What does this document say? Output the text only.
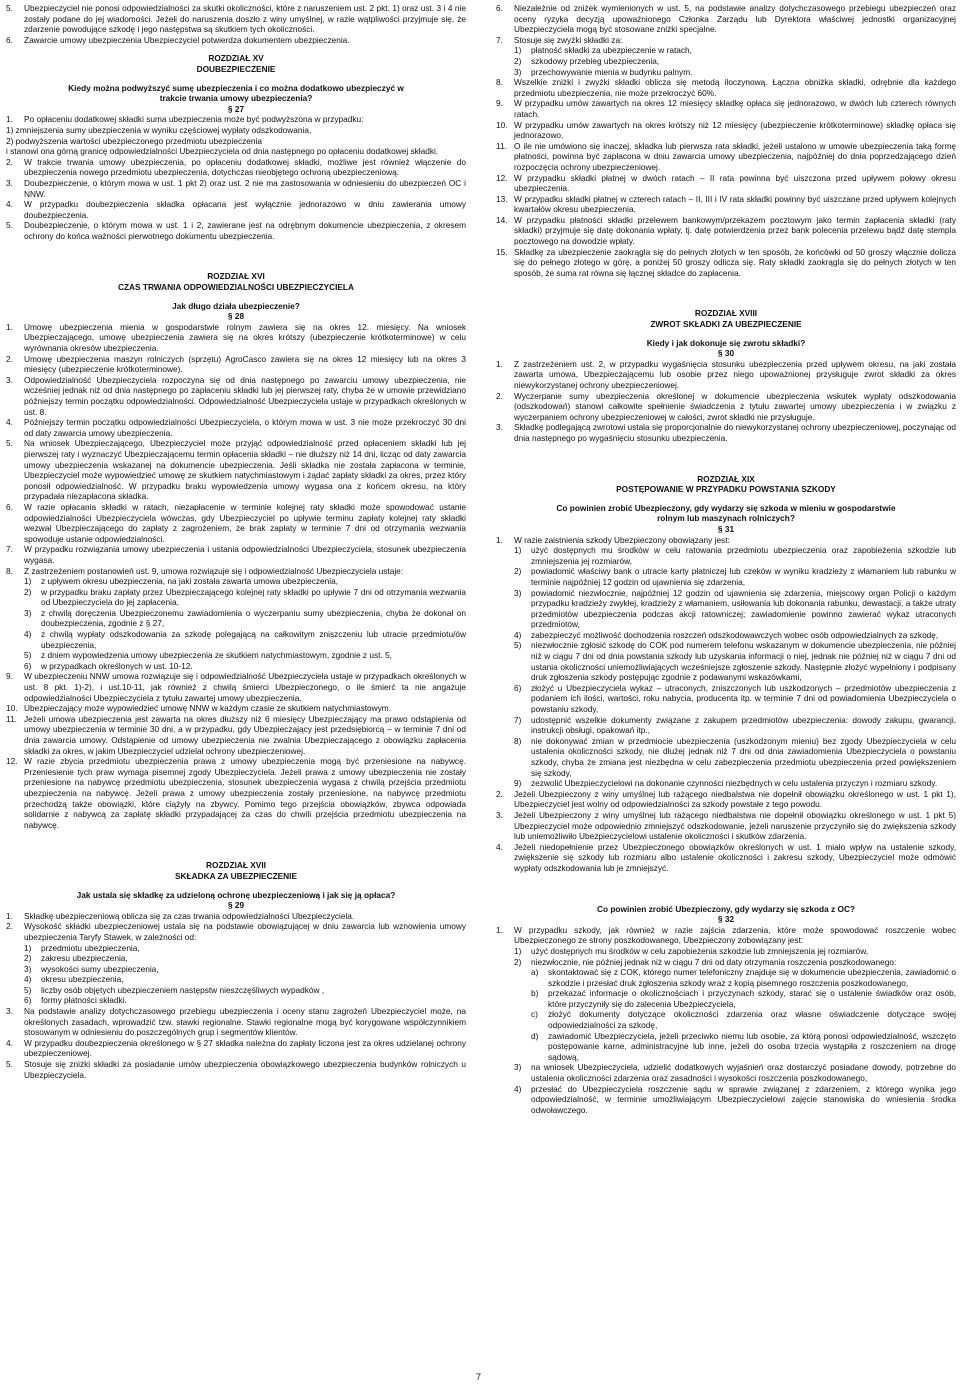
5.	Ubezpieczyciel nie ponosi odpowiedzialności za skutki okoliczności, które z naruszeniem ust. 2 pkt. 1) oraz ust. 3 i 4 nie zostały podane do jej wiadomości. Jeżeli do naruszenia doszło z winy umyślnej, w razie wątpliwości przyjmuje się, że zdarzenie powodujące szkodę i jego następstwa są skutkiem tych okoliczności.
6.	Zawarcie umowy ubezpieczenia Ubezpieczyciel potwierdza dokumentem ubezpieczenia.

ROZDZIAŁ XV

DOUBEZPIECZENIE

Kiedy można podwyższyć sumę ubezpieczenia i co można dodatkowo ubezpieczyć w trakcie trwania umowy ubezpieczenia?

§ 27

1.	Po opłaceniu dodatkowej składki suma ubezpieczenia może być podwyższona w przypadku:

1) zmniejszenia sumy ubezpieczenia w wyniku częściowej wypłaty odszkodowania,

2) podwyższenia wartości ubezpieczonego przedmiotu ubezpieczenia

i stanowi ona górną granicę odpowiedzialności Ubezpieczyciela od dnia następnego po opłaceniu dodatkowej składki.

2.	W trakcie trwania umowy ubezpieczenia, po opłaceniu dodatkowej składki, możliwe jest również włączenie do ubezpieczenia nowego przedmiotu ubezpieczenia, dotychczas nieobjętego ochroną ubezpieczeniową.
3.	Doubezpieczenie, o którym mowa w ust. 1 pkt 2) oraz ust. 2 nie ma zastosowania w odniesieniu do ubezpieczeń OC i NNW.
4.	W przypadku doubezpieczenia składka opłacana jest wyłącznie jednorazowo w dniu zawierania umowy doubezpieczenia.
5.	Doubezpieczenie, o którym mowa w ust. 1 i 2, zawierane jest na odrębnym dokumencie ubezpieczenia, z okresem ochrony do końca ważności pierwotnego dokumentu ubezpieczenia.

ROZDZIAŁ XVI

CZAS TRWANIA ODPOWIEDZIALNOŚCI UBEZPIECZYCIELA

Jak długo działa ubezpieczenie?

§ 28

1.	Umowę ubezpieczenia mienia w gospodarstwie rolnym zawiera się na okres 12. miesięcy. Na wniosek Ubezpieczającego, umowę ubezpieczenia zawiera się na okres krótszy (ubezpieczenie krótkoterminowe) w celu wyrównania okresów ubezpieczenia.
2.	Umowę ubezpieczenia maszyn rolniczych (sprzętu) AgroCasco zawiera się na okres 12 miesięcy lub na okres 3 miesięcy (ubezpieczenie krótkoterminowe).
3.	Odpowiedzialność Ubezpieczyciela rozpoczyna się od dnia następnego po zawarciu umowy ubezpieczenia, nie wcześniej jednak niż od dnia następnego po zapłaceniu składki lub jej pierwszej raty, chyba że w umowie przewidziano późniejszy termin początku odpowiedzialności. Odpowiedzialność Ubezpieczyciela ustaje w przypadkach określonych w ust. 8.
4.	Późniejszy termin początku odpowiedzialności Ubezpieczyciela, o którym mowa w ust. 3 nie może przekroczyć 30 dni od daty zawarcia umowy ubezpieczenia.
5.	Na wniosek Ubezpieczającego, Ubezpieczyciel może przyjąć odpowiedzialność przed opłaceniem składki lub jej pierwszej raty i wyznaczyć Ubezpieczającemu termin opłacenia składki – nie dłuższy niż 14 dni, licząc od daty zawarcia umowy ubezpieczenia wskazanej na dokumencie ubezpieczenia. Jeśli składka nie została zapłacona w terminie, Ubezpieczyciel może wypowiedzieć umowę ze skutkiem natychmiastowym i żądać zapłaty składki za okres, przez który ponosił odpowiedzialność. W przypadku braku wypowiedzenia umowy wygasa ona z końcem okresu, na który przypadała niezapłacona składka.
6.	W razie opłacania składki w ratach, niezapłacenie w terminie kolejnej raty składki może spowodować ustanie odpowiedzialności Ubezpieczyciela wówczas, gdy Ubezpieczyciel po upływie terminu zapłaty kolejnej raty składki wezwał Ubezpieczającego do zapłaty z zagrożeniem, że brak zapłaty w terminie 7 dni od otrzymania wezwania spowoduje ustanie odpowiedzialności.
7.	W przypadku rozwiązania umowy ubezpieczenia i ustania odpowiedzialności Ubezpieczyciela, stosunek ubezpieczenia wygasa.
8.	Z zastrzeżeniem postanowień ust. 9, umowa rozwiązuje się i odpowiedzialność Ubezpieczyciela ustaje:
1)	z upływem okresu ubezpieczenia, na jaki została zawarta umowa ubezpieczenia,
2)	w przypadku braku zapłaty przez Ubezpieczającego kolejnej raty składki po upływie 7 dni od otrzymania wezwania od Ubezpieczyciela do jej zapłacenia,
3)	z chwilą doręczenia Ubezpieczonemu zawiadomienia o wyczerpaniu sumy ubezpieczenia, chyba że dokonał on doubezpieczenia, zgodnie z § 27,
4)	z chwilą wypłaty odszkodowania za szkodę polegającą na całkowitym zniszczeniu lub utracie przedmiotu/ów ubezpieczenia,
5)	z dniem wypowiedzenia umowy ubezpieczenia ze skutkiem natychmiastowym, zgodnie z ust. 5,
6)	w przypadkach określonych w ust. 10-12.
9.	W ubezpieczeniu NNW umowa rozwiązuje się i odpowiedzialność Ubezpieczyciela ustaje w przypadkach określonych w ust. 8 pkt. 1)-2), i ust.10-11, jak również z chwilą śmierci Ubezpieczonego, o ile śmierć ta nie angażuje odpowiedzialności Ubezpieczyciela z tytułu zawartej umowy ubezpieczenia.
10. Ubezpieczający może wypowiedzieć umowę NNW w każdym czasie ze skutkiem natychmiastowym.
11. Jeżeli umowa ubezpieczenia jest zawarta na okres dłuższy niż 6 miesięcy Ubezpieczający ma prawo odstąpienia od umowy ubezpieczenia w terminie 30 dni, a w przypadku, gdy Ubezpieczający jest przedsiębiorcą – w terminie 7 dni od dnia zawarcia umowy. Odstąpienie od umowy ubezpieczenia nie zwalnia Ubezpieczającego z obowiązku zapłacenia składki za okres, w jakim Ubezpieczyciel udzielał ochrony ubezpieczeniowej.
12. W razie zbycia przedmiotu ubezpieczenia prawa z umowy ubezpieczenia mogą być przeniesione na nabywcę. Przeniesienie tych praw wymaga pisemnej zgody Ubezpieczyciela. Jeżeli prawa z umowy ubezpieczenia nie zostały przeniesione na nabywcę przedmiotu ubezpieczenia, stosunek ubezpieczenia wygasa z chwilą przejścia przedmiotu ubezpieczenia na nabywcę. Jeżeli prawa z umowy ubezpieczenia zostały przeniesione, na nabywcę przedmiotu przechodzą także obowiązki, które ciążyły na zbywcy. Pomimo tego przejścia obowiązków, zbywca odpowiada solidarnie z nabywcą za zapłatę składki przypadającej za czas do chwili przejścia przedmiotu ubezpieczenia na nabywcę.

ROZDZIAŁ XVII

SKŁADKA ZA UBEZPIECZENIE

Jak ustala się składkę za udzieloną ochronę ubezpieczeniową i jak się ją opłaca?

§ 29

1.	Składkę ubezpieczeniową oblicza się za czas trwania odpowiedzialności Ubezpieczyciela.
2.	Wysokość składki ubezpieczeniowej ustala się na podstawie obowiązującej w dniu zawarcia lub wznowienia umowy ubezpieczenia Taryfy Stawek, w zależności od:
1)	przedmiotu ubezpieczenia,
2)	zakresu ubezpieczenia,
3)	wysokości sumy ubezpieczenia,
4)	okresu ubezpieczenia,
5)	liczby osób objętych ubezpieczeniem następstw nieszczęśliwych wypadków ,
6)	formy płatności składki.
3.	Na podstawie analizy dotychczasowego przebiegu ubezpieczenia i oceny stanu zagrożeń Ubezpieczyciel może, na określonych zasadach, wprowadzić tzw. stawki regionalne. Stawki regionalne mogą być korygowane współczynnikiem stosowanym w odniesieniu do poszczególnych grup i segmentów klientów.
4.	W przypadku doubezpieczenia określonego w § 27 składka należna do zapłaty liczona jest za okres udzielanej ochrony ubezpieczeniowej.
5.	Stosuje się zniżki składki za posiadanie umów ubezpieczenia obowiązkowego ubezpieczenia budynków rolniczych u Ubezpieczyciela.
6.	Niezależnie od zniżek wymienionych w ust. 5, na podstawie analizy dotychczasowego przebiegu ubezpieczeń oraz oceny ryzyka decyzją upoważnionego Członka Zarządu lub Dyrektora właściwej jednostki organizacyjnej Ubezpieczyciela mogą być stosowane zniżki specjalne.
7.	Stosuje się zwyżki składki za:
1)	płatność składki za ubezpieczenie w ratach,
2)	szkodowy przebieg ubezpieczenia,
3)	przechowywanie mienia w budynku palnym.
8.	Wszelkie zniżki i zwyżki składki oblicza się metodą iloczynową. Łączna obniżka składki, odrębnie dla każdego przedmiotu ubezpieczenia, nie może przekroczyć 60%.
9.	W przypadku umów zawartych na okres 12 miesięcy składkę opłaca się jednorazowo, w dwóch lub czterech równych ratach.
10. W przypadku umów zawartych na okres krótszy niż 12 miesięcy (ubezpieczenie krótkoterminowe) składkę opłaca się jednorazowo,
11. O ile nie umówiono się inaczej, składka lub pierwsza rata składki, jeżeli ustalono w umowie ubezpieczenia taką formę płatności, powinna być zapłacona w dniu zawarcia umowy ubezpieczenia, najpóźniej do dnia poprzedzającego dzień rozpoczęcia ochrony ubezpieczeniowej.
12. W przypadku składki płatnej w dwóch ratach – II rata powinna być uiszczona przed upływem połowy okresu ubezpieczenia.
13. W przypadku składki płatnej w czterech ratach – II, III i IV rata składki powinny być uiszczane przed upływem kolejnych kwartałów okresu ubezpieczenia.
14. W przypadku płatności składki przelewem bankowym/przekazem pocztowym jako termin zapłacenia składki (raty składki) przyjmuje się datę dokonania wpłaty, tj. datę potwierdzenia przez bank polecenia przelewu bądź datę stempla pocztowego na dowodzie wpłaty.
15. Składkę za ubezpieczenie zaokrągla się do pełnych złotych w ten sposób, że końcówki od 50 groszy włącznie dolicza się do pełnego złotego w górę, a poniżej 50 groszy odlicza się. Raty składki zaokrągla się do pełnych złotych w ten sposób, że suma rat równa się łącznej składce do zapłacenia.

ROZDZIAŁ XVIII

ZWROT SKŁADKI ZA UBEZPIECZENIE

Kiedy i jak dokonuje się zwrotu składki?

§ 30

1.	Z zastrzeżeniem ust. 2, w przypadku wygaśnięcia stosunku ubezpieczenia przed upływem okresu, na jaki została zawarta umowa, Ubezpieczającemu lub osobie przez niego upoważnionej przysługuje zwrot składki za okres niewykorzystanej ochrony ubezpieczeniowej.
2.	Wyczerpanie sumy ubezpieczenia określonej w dokumencie ubezpieczenia wskutek wypłaty odszkodowania (odszkodowań) stanowi całkowite spełnienie świadczenia z tytułu zawartej umowy ubezpieczenia i w związku z wyczerpaniem ochrony ubezpieczeniowej w całości, zwrot składki nie przysługuje.
3.	Składkę podlegającą zwrotowi ustala się proporcjonalnie do niewykorzystanej ochrony ubezpieczeniowej, poczynając od dnia następnego po wygaśnięciu stosunku ubezpieczenia.

ROZDZIAŁ XIX

POSTĘPOWANIE W PRZYPADKU POWSTANIA SZKODY

Co powinien zrobić Ubezpieczony, gdy wydarzy się szkoda w mieniu w gospodarstwie rolnym lub maszynach rolniczych?

§ 31

1.	W razie zaistnienia szkody Ubezpieczony obowiązany jest:
1)	użyć dostępnych mu środków w celu ratowania przedmiotu ubezpieczenia oraz zapobieżenia szkodzie lub zmniejszenia jej rozmiarów,
2)	powiadomić właściwy bank o utracie karty płatniczej lub czeków w wyniku kradzieży z włamaniem lub rabunku w terminie najpóźniej 12 godzin od ujawnienia się zdarzenia,
3)	powiadomić niezwłocznie, najpóźniej 12 godzin od ujawnienia się zdarzenia, miejscowy organ Policji o każdym przypadku kradzieży zwykłej, kradzieży z włamaniem, usiłowania lub dokonania rabunku, dewastacji, a także utraty przedmiotów ubezpieczenia podczas akcji ratowniczej; zawiadomienie powinno zawierać wykaz utraconych przedmiotów,
4)	zabezpieczyć możliwość dochodzenia roszczeń odszkodowawczych wobec osób odpowiedzialnych za szkodę,
5)	niezwłocznie zgłosić szkodę do COK pod numerem telefonu wskazanym w dokumencie ubezpieczenia, nie później niż w ciągu 7 dni od dnia powstania szkody lub uzyskania informacji o niej, jednak nie później niż w ciągu 7 dni od ustania okoliczności uniemożliwiających wcześniejsze zgłoszenie szkody. Następnie złożyć wypełniony i podpisany druk zgłoszenia szkody postępując zgodnie z podawanymi wskazówkami,
6)	złożyć u Ubezpieczyciela wykaz – utraconych, zniszczonych lub uszkodzonych – przedmiotów ubezpieczenia z podaniem ich ilości, wartości, roku nabycia, producenta itp. w terminie 7 dni od powiadomienia Ubezpieczyciela o powstaniu szkody,
7)	udostępnić wszelkie dokumenty związane z zakupem przedmiotów ubezpieczenia: dowody zakupu, gwarancji, instrukcji obsługi, opakowań itp.,
8)	nie dokonywać zmian w przedmiocie ubezpieczenia (uszkodzonym mieniu) bez zgody Ubezpieczyciela w celu ustalenia okoliczności szkody, nie dłużej jednak niż 7 dni od dnia zawiadomienia Ubezpieczyciela o powstaniu szkody, chyba że zmiana jest niezbędna w celu zabezpieczenia przedmiotu ubezpieczenia przed powiększeniem się szkody,
9)	zezwolić Ubezpieczycielowi na dokonanie czynności niezbędnych w celu ustalenia przyczyn i rozmiaru szkody.
2.	Jeżeli Ubezpieczony z winy umyślnej lub rażącego niedbalstwa nie dopełnił obowiązku określonego w ust. 1 pkt 1), Ubezpieczyciel jest wolny od odpowiedzialności za szkody powstałe z tego powodu.
3.	Jeżeli Ubezpieczony z winy umyślnej lub rażącego niedbalstwa nie dopełnił obowiązku określonego w ust. 1 pkt 5) Ubezpieczyciel może odpowiednio zmniejszyć odszkodowanie, jeżeli naruszenie przyczyniło się do zwiększenia szkody lub uniemożliwiło Ubezpieczycielowi ustalenie okoliczności i skutków zdarzenia.
4.	Jeżeli niedopełnienie przez Ubezpieczonego obowiązków określonych w ust. 1 miało wpływ na ustalenie szkody, zwiększenie się szkody lub rozmiaru albo ustalenie okoliczności i zakresu szkody, Ubezpieczyciel może odmówić wypłaty odszkodowania lub je zmniejszyć.

Co powinien zrobić Ubezpieczony, gdy wydarzy się szkoda z OC?

§ 32

1.	W przypadku szkody, jak również w razie zajścia zdarzenia, które może spowodować roszczenie wobec Ubezpieczonego ze strony poszkodowanego, Ubezpieczony zobowiązany jest:
1)	użyć dostępnych mu środków w celu zapobieżenia szkodzie lub zmniejszenia jej rozmiarów,
2)	niezwłocznie, nie później jednak niż w ciągu 7 dni od daty otrzymania roszczenia poszkodowanego:
a)	skontaktować się z COK, którego numer telefoniczny znajduje się w dokumencie ubezpieczenia, zawiadomić o szkodzie i przesłać druk zgłoszenia szkody wraz z kopią pisemnego roszczenia poszkodowanego,
b)	przekazać informacje o okolicznościach i przyczynach szkody, starać się o ustalenie świadków oraz osób, które przyczyniły się do zalecenia Ubezpieczyciela,
c)	złożyć dokumenty dotyczące okoliczności zdarzenia oraz własne oświadczenie dotyczące swojej odpowiedzialności za szkodę,
d)	zawiadomić Ubezpieczyciela, jeżeli przeciwko niemu lub osobie, za którą ponosi odpowiedzialność, wszczęto postępowanie karne, administracyjne lub inne, jeżeli do osoba trzecia wystąpiła z roszczeniem na drogę sądową,
3)	na wniosek Ubezpieczyciela, udzielić dodatkowych wyjaśnień oraz dostarczyć posiadane dowody, potrzebne do ustalenia okoliczności zdarzenia oraz zasadności i wysokości roszczenia poszkodowanego,
4)	przesłać do Ubezpieczyciela roszczenie sądu w sprawie związanej z zdarzeniem, z którego wynika jego odpowiedzialność, w terminie umożliwiającym Ubezpieczycielowi zajęcie stanowiska do wniesienia środka odwoławczego.
7
